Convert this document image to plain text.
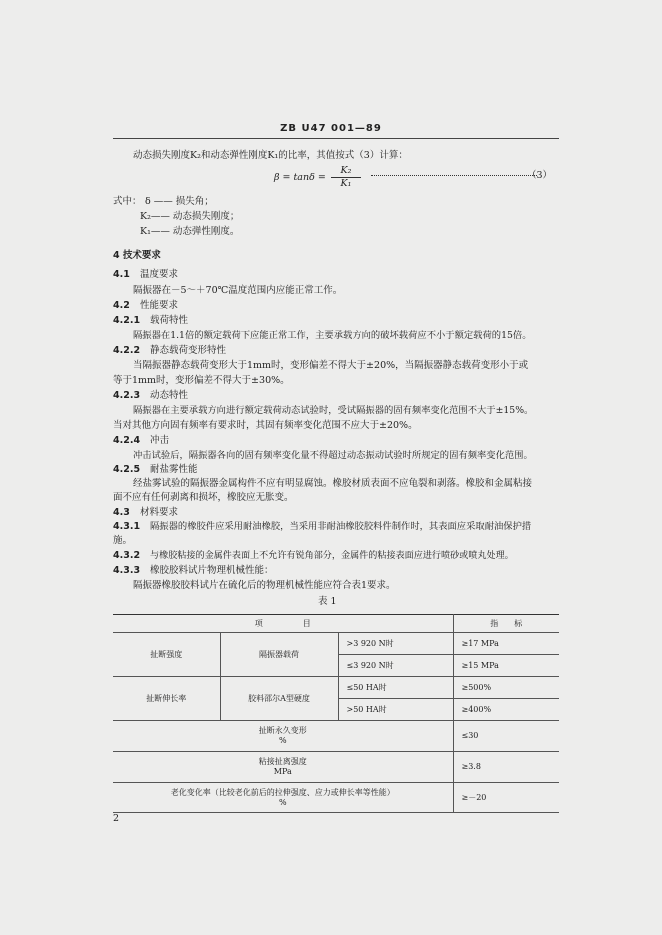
ZB U47 001—89
动态损失刚度K₂和动态弹性刚度K₁的比率，其值按式（3）计算：
$\beta = \tan\delta = \frac{\text{K₂}}{\text{K₁}}$	（3）
式中： δ —— 损失角；
K₂—— 动态损失刚度；
K₁—— 动态弹性刚度。
4 技术要求
4.1 温度要求
隔振器在－5～＋70℃温度范围内应能正常工作。
4.2 性能要求
4.2.1 载荷特性
隔振器在1.1倍的额定载荷下应能正常工作，主要承载方向的破坏载荷应不小于额定载荷的15倍。
4.2.2 静态载荷变形特性
当隔振器静态载荷变形大于1mm时，变形偏差不得大于±20%，当隔振器静态载荷变形小于或
等于1mm时，变形偏差不得大于±30%。
4.2.3 动态特性
隔振器在主要承载方向进行额定载荷动态试验时，受试隔振器的固有频率变化范围不大于±15%。
当对其他方向固有频率有要求时，其固有频率变化范围不应大于±20%。
4.2.4 冲击
冲击试验后，隔振器各向的固有频率变化量不得超过动态振动试验时所规定的固有频率变化范围。
4.2.5 耐盐雾性能
经盐雾试验的隔振器金属构件不应有明显腐蚀。橡胶材质表面不应龟裂和剥落。橡胶和金属粘接
面不应有任何剥离和损坏，橡胶应无胀变。
4.3 材料要求
4.3.1 隔振器的橡胶件应采用耐油橡胶，当采用非耐油橡胶胶料件制作时，其表面应采取耐油保护措
施。
4.3.2 与橡胶粘接的金属件表面上不允许有锐角部分，金属件的粘接表面应进行喷砂或喷丸处理。
4.3.3 橡胶胶料试片物理机械性能：
隔振器橡胶胶料试片在硫化后的物理机械性能应符合表1要求。
表 1
项　　　　　目			指　　标
扯断强度	隔振器载荷	>3 920 N时	≥17 MPa
		≤3 920 N时	≥15 MPa
扯断伸长率	胶料邵尔A型硬度	≤50 HA时	≥500%
		>50 HA时	≥400%

扯断永久变形
%			≤30

粘接扯离强度
MPa			≥3.8

老化变化率（比较老化前后的拉伸强度、应力或伸长率等性能）
%			≥－20
2
